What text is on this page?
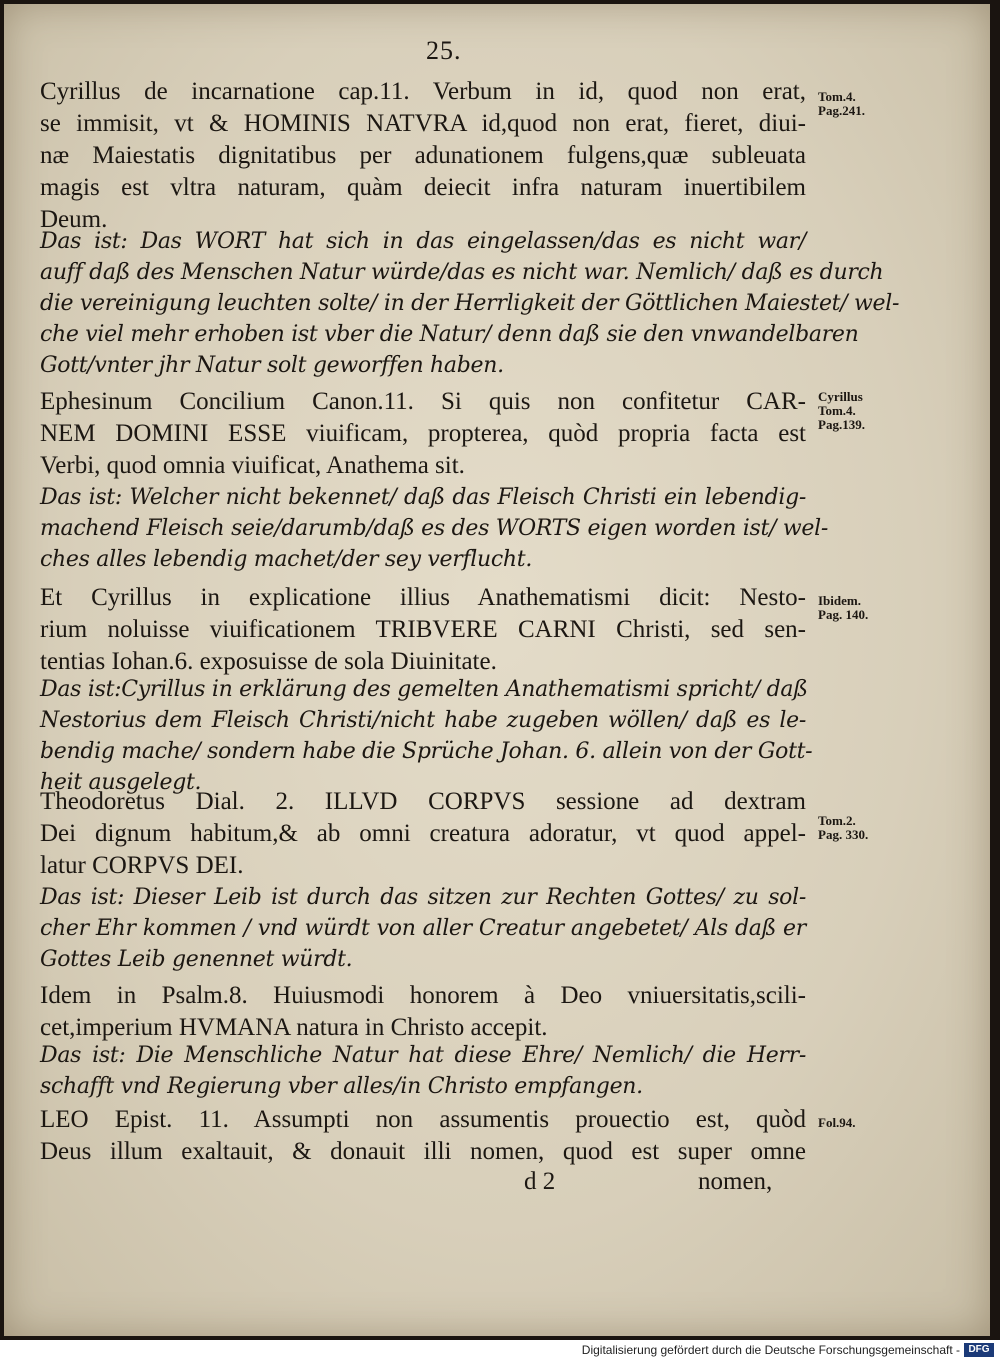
25.
Cyrillus de incarnatione cap.11. Verbum in id, quod non erat,
se immisit, vt & HOMINIS NATVRA id,quod non erat, fieret, diui-
næ Maiestatis dignitatibus per adunationem fulgens,quæ subleuata
magis est vltra naturam, quàm deiecit infra naturam inuertibilem
Deum.
Das ist: Das WORT hat sich in das eingelassen/das es nicht war/
auff daß des Menschen Natur würde/das es nicht war. Nemlich/ daß es durch
die vereinigung leuchten solte/ in der Herrligkeit der Göttlichen Maiestet/ wel-
che viel mehr erhoben ist vber die Natur/ denn daß sie den vnwandelbaren
Gott/vnter jhr Natur solt geworffen haben.
Ephesinum Concilium Canon.11. Si quis non confitetur CAR-
NEM DOMINI ESSE viuificam, propterea, quòd propria facta est
Verbi, quod omnia viuificat, Anathema sit.
Das ist: Welcher nicht bekennet/ daß das Fleisch Christi ein lebendig-
machend Fleisch seie/darumb/daß es des WORTS eigen worden ist/ wel-
ches alles lebendig machet/der sey verflucht.
Et Cyrillus in explicatione illius Anathematismi dicit: Nesto-
rium noluisse viuificationem TRIBVERE CARNI Christi, sed sen-
tentias Iohan.6. exposuisse de sola Diuinitate.
Das ist:Cyrillus in erklärung des gemelten Anathematismi spricht/ daß
Nestorius dem Fleisch Christi/nicht habe zugeben wöllen/ daß es le-
bendig mache/ sondern habe die Sprüche Johan. 6. allein von der Gott-
heit ausgelegt.
Theodoretus Dial. 2. ILLVD CORPVS sessione ad dextram
Dei dignum habitum,& ab omni creatura adoratur, vt quod appel-
latur CORPVS DEI.
Das ist: Dieser Leib ist durch das sitzen zur Rechten Gottes/ zu sol-
cher Ehr kommen / vnd würdt von aller Creatur angebetet/ Als daß er
Gottes Leib genennet würdt.
Idem in Psalm.8. Huiusmodi honorem à Deo vniuersitatis,scili-
cet,imperium HVMANA natura in Christo accepit.
Das ist: Die Menschliche Natur hat diese Ehre/ Nemlich/ die Herr-
schafft vnd Regierung vber alles/in Christo empfangen.
LEO Epist. 11. Assumpti non assumentis prouectio est, quòd
Deus illum exaltauit, & donauit illi nomen, quod est super omne
d 2	nomen,
Tom.4.
Pag.241.
Cyrillus
Tom.4.
Pag.139.
Ibidem.
Pag. 140.
Tom.2.
Pag. 330.
Fol.94.
Digitalisierung gefördert durch die Deutsche Forschungsgemeinschaft - DFG
